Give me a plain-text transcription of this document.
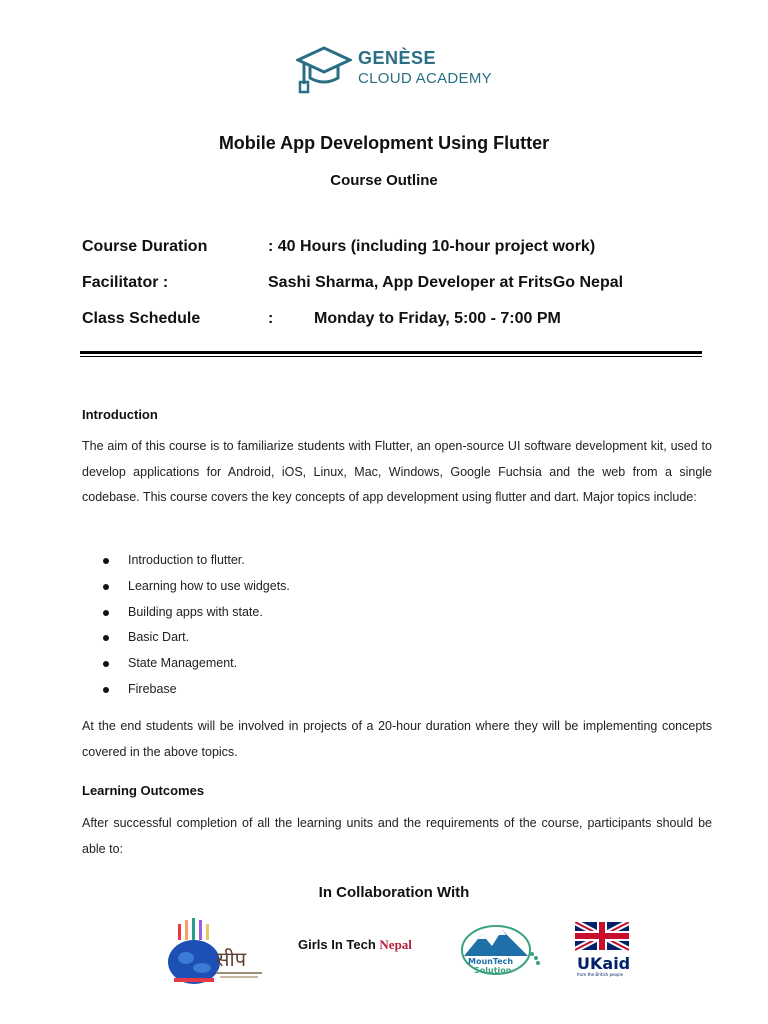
GENÈSE
CLOUD ACADEMY
Mobile App Development Using Flutter
Course Outline
Course Duration	: 40 Hours (including 10-hour project work)
Facilitator :	Sashi Sharma, App Developer at FritsGo Nepal
Class Schedule	:	Monday to Friday, 5:00 - 7:00 PM
Introduction
The aim of this course is to familiarize students with Flutter, an open-source UI software development kit, used to develop applications for Android, iOS, Linux, Mac, Windows, Google Fuchsia and the web from a single codebase. This course covers the key concepts of app development using flutter and dart. Major topics include:
Introduction to flutter.
Learning how to use widgets.
Building apps with state.
Basic Dart.
State Management.
Firebase
At the end students will be involved in projects of a 20-hour duration where they will be implementing concepts covered in the above topics.
Learning Outcomes
After successful completion of all the learning units and the requirements of the course, participants should be able to:
In Collaboration With
सीप
Girls In Tech Nepal
MounTech
Solution	UKaid
from the British people
